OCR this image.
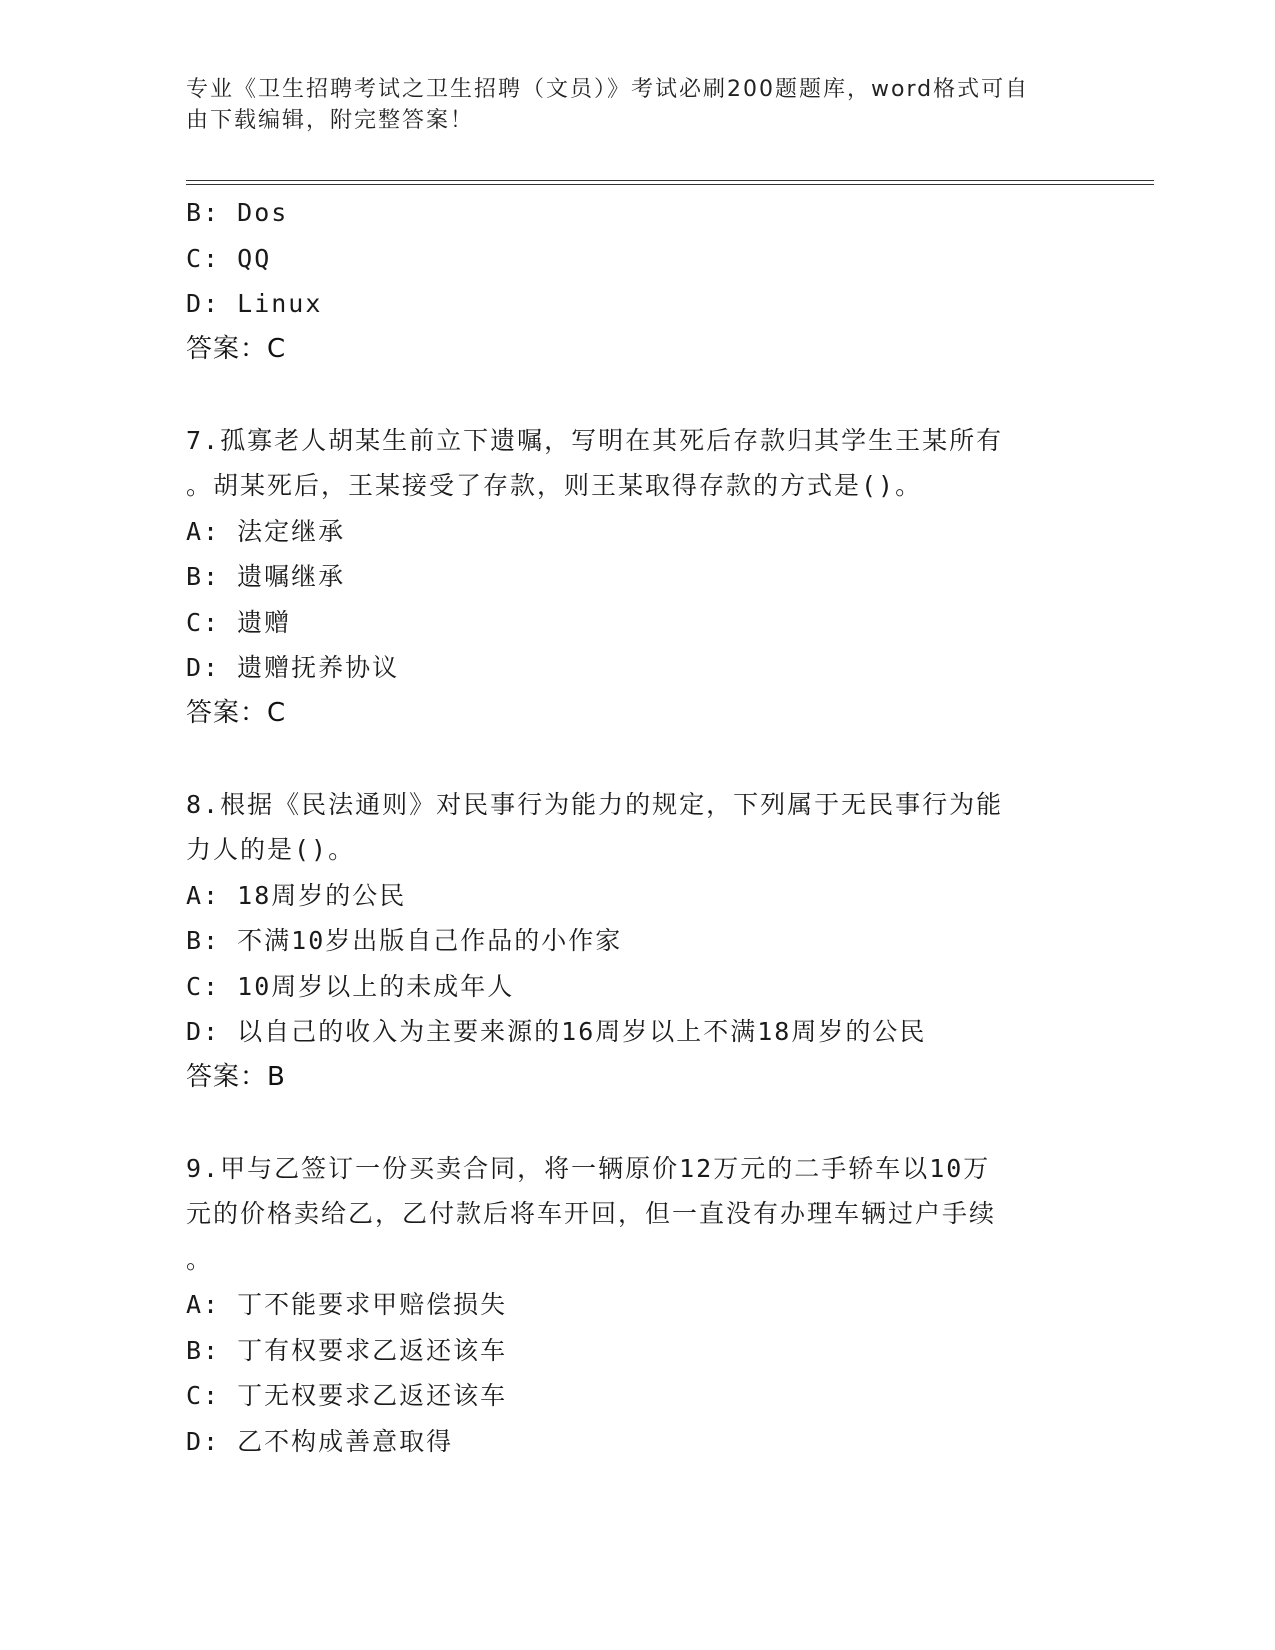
专业《卫生招聘考试之卫生招聘（文员）》考试必刷200题题库，word格式可自
由下载编辑，附完整答案！
B: Dos
C: QQ
D: Linux
答案：C
7.孤寡老人胡某生前立下遗嘱，写明在其死后存款归其学生王某所有
。胡某死后，王某接受了存款，则王某取得存款的方式是()。
A: 法定继承
B: 遗嘱继承
C: 遗赠
D: 遗赠抚养协议
答案：C
8.根据《民法通则》对民事行为能力的规定，下列属于无民事行为能
力人的是()。
A: 18周岁的公民
B: 不满10岁出版自己作品的小作家
C: 10周岁以上的未成年人
D: 以自己的收入为主要来源的16周岁以上不满18周岁的公民
答案：B
9.甲与乙签订一份买卖合同，将一辆原价12万元的二手轿车以10万
元的价格卖给乙，乙付款后将车开回，但一直没有办理车辆过户手续
。
A: 丁不能要求甲赔偿损失
B: 丁有权要求乙返还该车
C: 丁无权要求乙返还该车
D: 乙不构成善意取得
